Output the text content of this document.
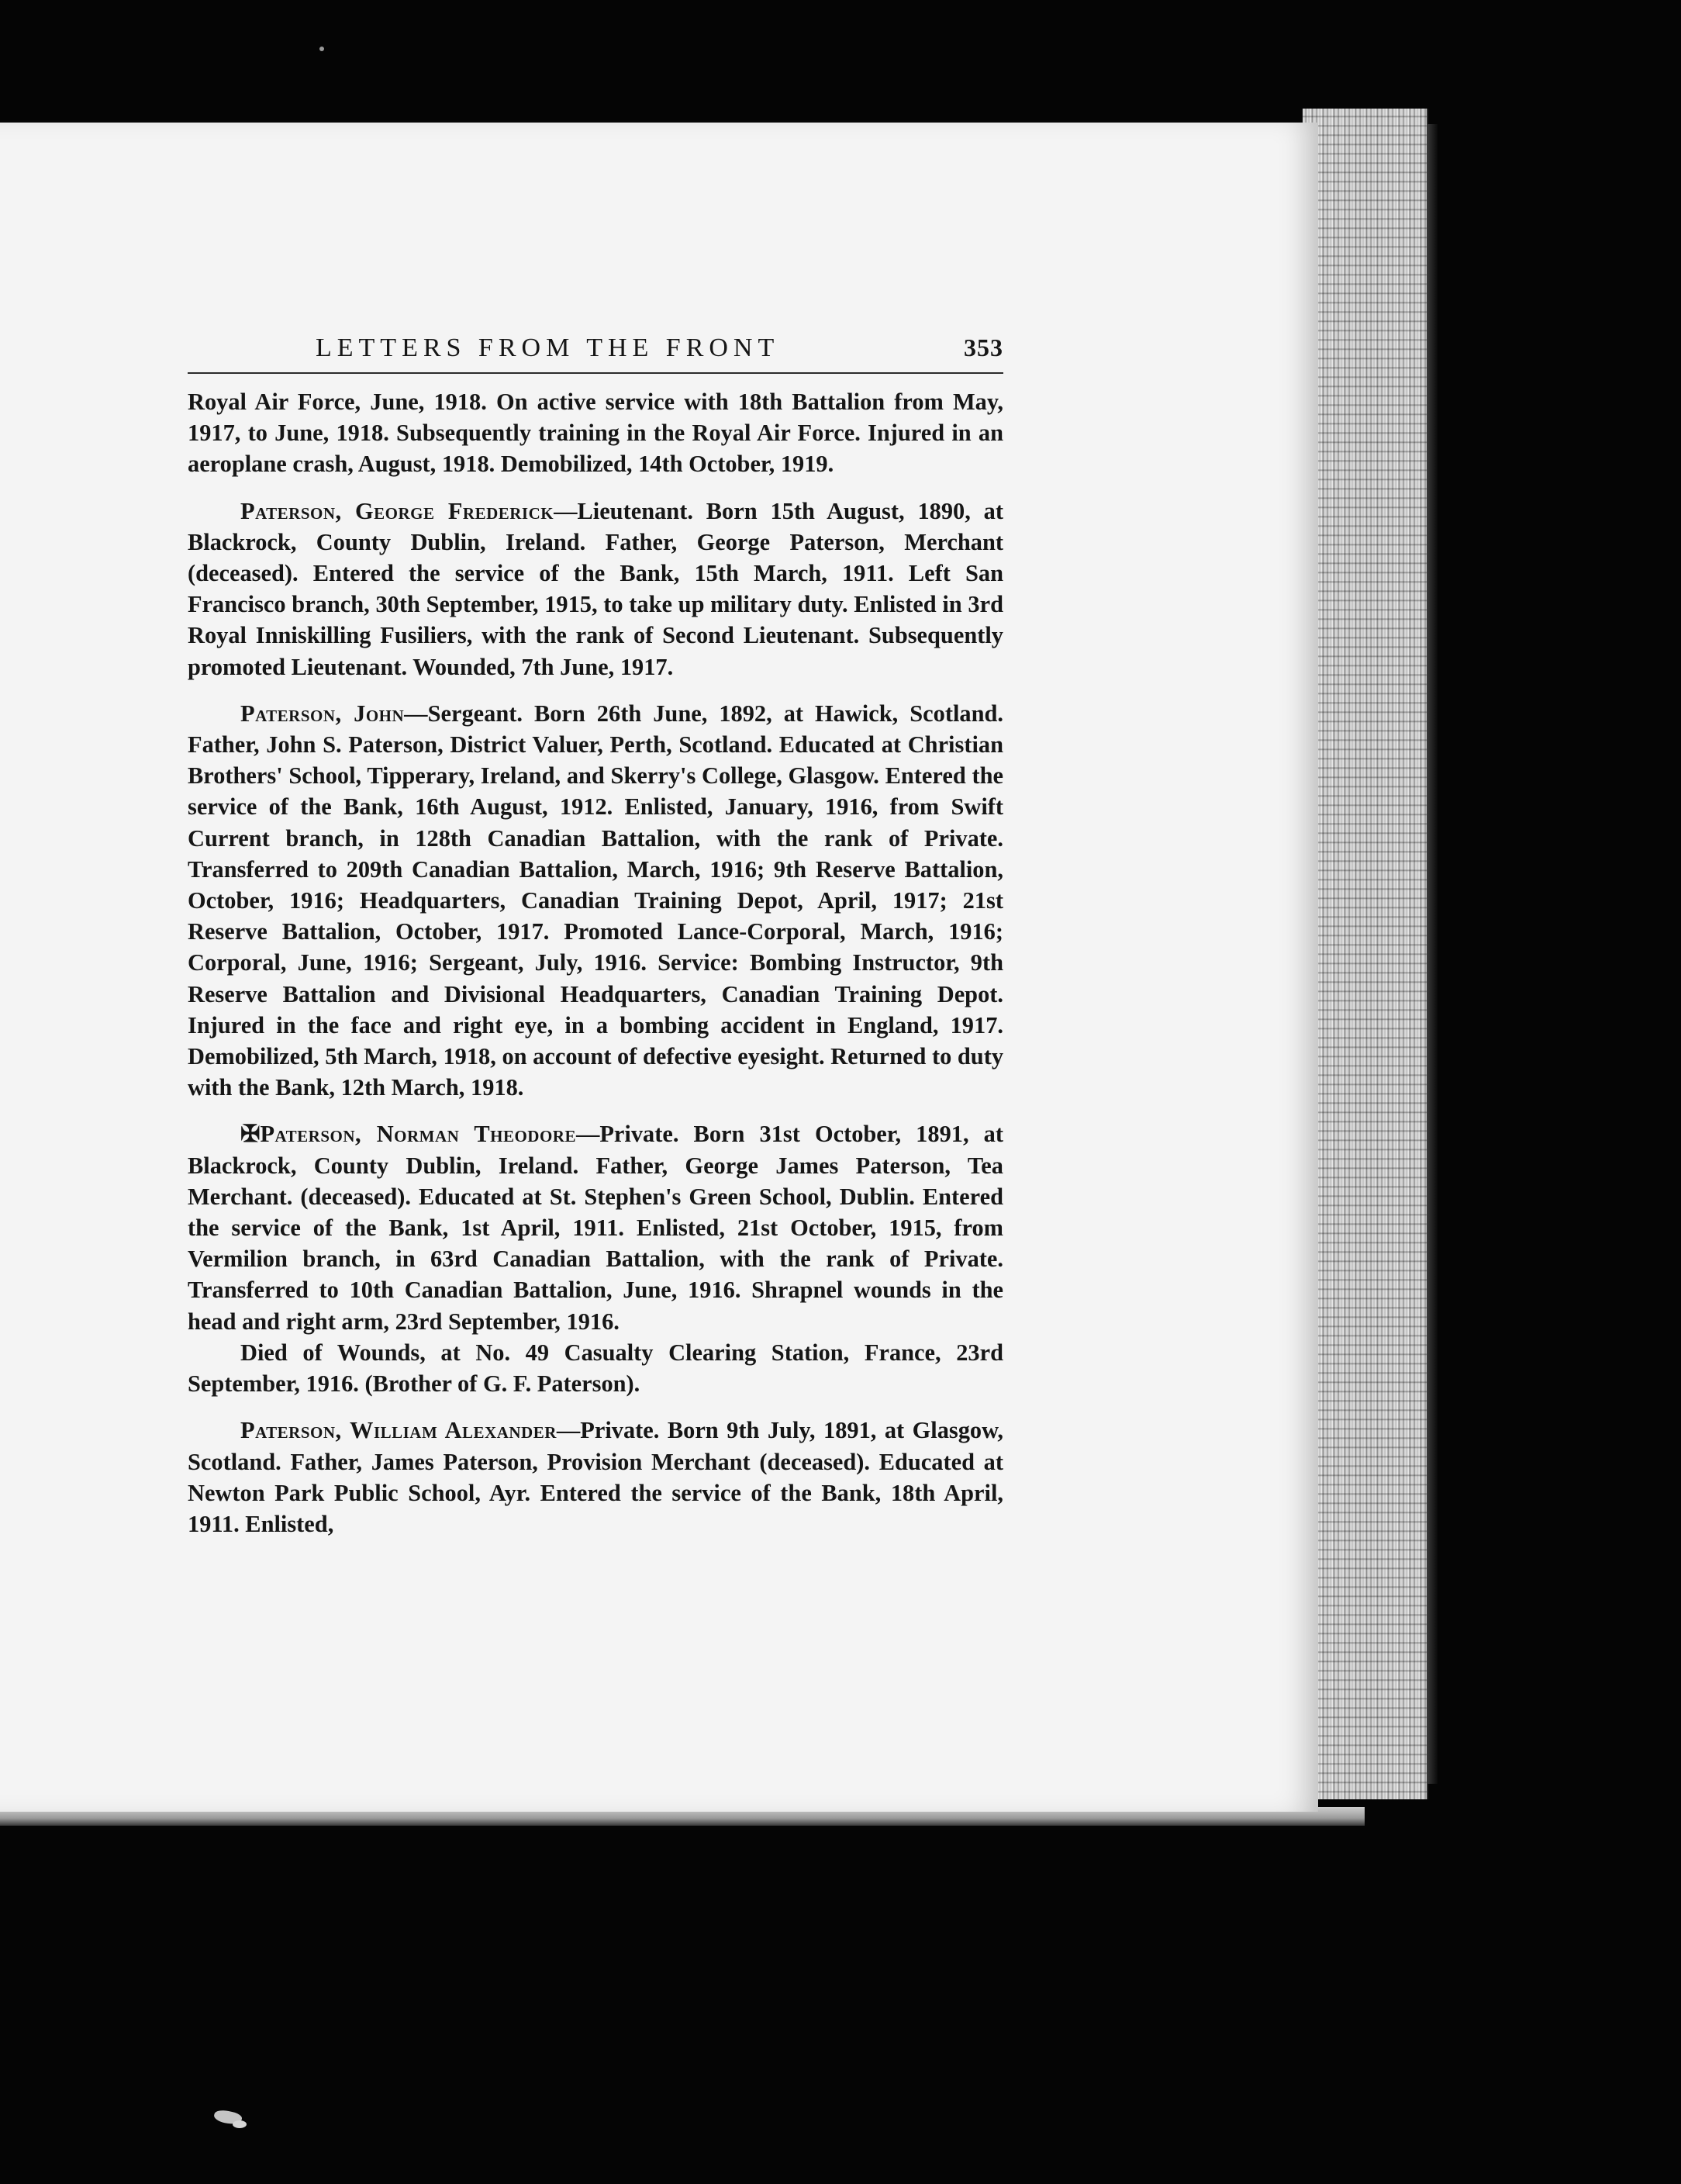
LETTERS FROM THE FRONT	353

Royal Air Force, June, 1918. On active service with 18th Battalion from May, 1917, to June, 1918. Subsequently training in the Royal Air Force. Injured in an aeroplane crash, August, 1918. Demobilized, 14th October, 1919.

Paterson, George Frederick—Lieutenant. Born 15th August, 1890, at Blackrock, County Dublin, Ireland. Father, George Paterson, Merchant (deceased). Entered the service of the Bank, 15th March, 1911. Left San Francisco branch, 30th September, 1915, to take up military duty. Enlisted in 3rd Royal Inniskilling Fusiliers, with the rank of Second Lieutenant. Subsequently promoted Lieutenant. Wounded, 7th June, 1917.

Paterson, John—Sergeant. Born 26th June, 1892, at Hawick, Scotland. Father, John S. Paterson, District Valuer, Perth, Scotland. Educated at Christian Brothers' School, Tipperary, Ireland, and Skerry's College, Glasgow. Entered the service of the Bank, 16th August, 1912. Enlisted, January, 1916, from Swift Current branch, in 128th Canadian Battalion, with the rank of Private. Transferred to 209th Canadian Battalion, March, 1916; 9th Reserve Battalion, October, 1916; Headquarters, Canadian Training Depot, April, 1917; 21st Reserve Battalion, October, 1917. Promoted Lance-Corporal, March, 1916; Corporal, June, 1916; Sergeant, July, 1916. Service: Bombing Instructor, 9th Reserve Battalion and Divisional Headquarters, Canadian Training Depot. Injured in the face and right eye, in a bombing accident in England, 1917. Demobilized, 5th March, 1918, on account of defective eyesight. Returned to duty with the Bank, 12th March, 1918.

✠Paterson, Norman Theodore—Private. Born 31st October, 1891, at Blackrock, County Dublin, Ireland. Father, George James Paterson, Tea Merchant. (deceased). Educated at St. Stephen's Green School, Dublin. Entered the service of the Bank, 1st April, 1911. Enlisted, 21st October, 1915, from Vermilion branch, in 63rd Canadian Battalion, with the rank of Private. Transferred to 10th Canadian Battalion, June, 1916. Shrapnel wounds in the head and right arm, 23rd September, 1916.

Died of Wounds, at No. 49 Casualty Clearing Station, France, 23rd September, 1916. (Brother of G. F. Paterson).

Paterson, William Alexander—Private. Born 9th July, 1891, at Glasgow, Scotland. Father, James Paterson, Provision Merchant (deceased). Educated at Newton Park Public School, Ayr. Entered the service of the Bank, 18th April, 1911. Enlisted,
